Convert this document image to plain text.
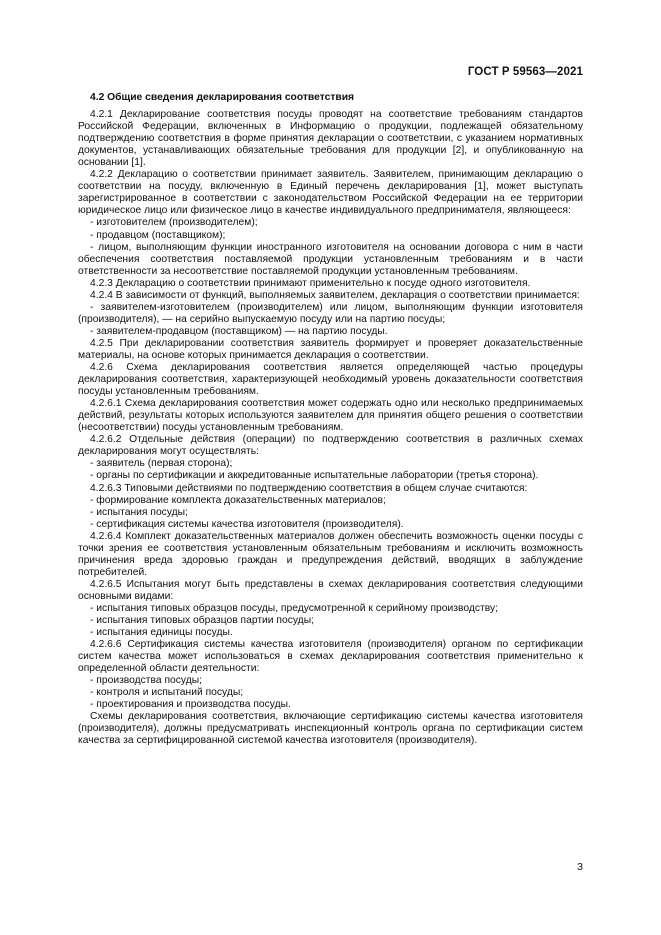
ГОСТ Р 59563—2021
4.2 Общие сведения декларирования соответствия

4.2.1 Декларирование соответствия посуды проводят на соответствие требованиям стандартов Российской Федерации, включенных в Информацию о продукции, подлежащей обязательному подтверждению соответствия в форме принятия декларации о соответствии, с указанием нормативных документов, устанавливающих обязательные требования для продукции [2], и опубликованную на основании [1].

4.2.2 Декларацию о соответствии принимает заявитель. Заявителем, принимающим декларацию о соответствии на посуду, включенную в Единый перечень декларирования [1], может выступать зарегистрированное в соответствии с законодательством Российской Федерации на ее территории юридическое лицо или физическое лицо в качестве индивидуального предпринимателя, являющееся:

- изготовителем (производителем);

- продавцом (поставщиком);

- лицом, выполняющим функции иностранного изготовителя на основании договора с ним в части обеспечения соответствия поставляемой продукции установленным требованиям и в части ответственности за несоответствие поставляемой продукции установленным требованиям.

4.2.3 Декларацию о соответствии принимают применительно к посуде одного изготовителя.

4.2.4 В зависимости от функций, выполняемых заявителем, декларация о соответствии принимается:

- заявителем-изготовителем (производителем) или лицом, выполняющим функции изготовителя (производителя), — на серийно выпускаемую посуду или на партию посуды;

- заявителем-продавцом (поставщиком) — на партию посуды.

4.2.5 При декларировании соответствия заявитель формирует и проверяет доказательственные материалы, на основе которых принимается декларация о соответствии.

4.2.6 Схема декларирования соответствия является определяющей частью процедуры декларирования соответствия, характеризующей необходимый уровень доказательности соответствия посуды установленным требованиям.

4.2.6.1 Схема декларирования соответствия может содержать одно или несколько предпринимаемых действий, результаты которых используются заявителем для принятия общего решения о соответствии (несоответствии) посуды установленным требованиям.

4.2.6.2 Отдельные действия (операции) по подтверждению соответствия в различных схемах декларирования могут осуществлять:

- заявитель (первая сторона);

- органы по сертификации и аккредитованные испытательные лаборатории (третья сторона).

4.2.6.3 Типовыми действиями по подтверждению соответствия в общем случае считаются:

- формирование комплекта доказательственных материалов;

- испытания посуды;

- сертификация системы качества изготовителя (производителя).

4.2.6.4 Комплект доказательственных материалов должен обеспечить возможность оценки посуды с точки зрения ее соответствия установленным обязательным требованиям и исключить возможность причинения вреда здоровью граждан и предупреждения действий, вводящих в заблуждение потребителей.

4.2.6.5 Испытания могут быть представлены в схемах декларирования соответствия следующими основными видами:

- испытания типовых образцов посуды, предусмотренной к серийному производству;

- испытания типовых образцов партии посуды;

- испытания единицы посуды.

4.2.6.6 Сертификация системы качества изготовителя (производителя) органом по сертификации систем качества может использоваться в схемах декларирования соответствия применительно к определенной области деятельности:

- производства посуды;

- контроля и испытаний посуды;

- проектирования и производства посуды.

Схемы декларирования соответствия, включающие сертификацию системы качества изготовителя (производителя), должны предусматривать инспекционный контроль органа по сертификации систем качества за сертифицированной системой качества изготовителя (производителя).

3
